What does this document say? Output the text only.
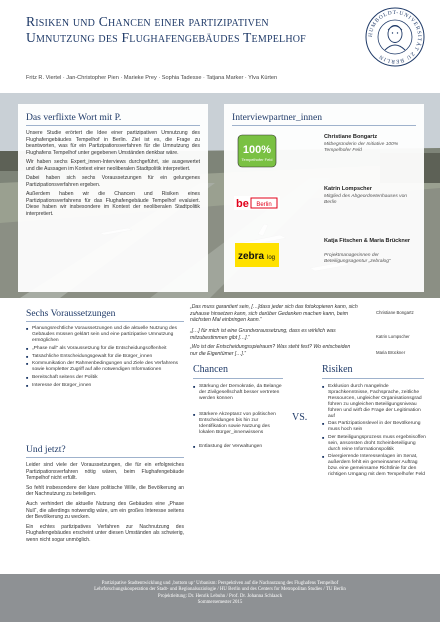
Risiken und Chancen einer partizipativen
Umnutzung des Flughafengebäudes Tempelhof
Fritz R. Viertel · Jan-Christopher Pien · Marieke Prey · Sophia Tadesse · Tatjana Marker · Ylva Kürten
HUMBOLDT-UNIVERSITÄT ZU BERLIN
Das verflixte Wort mit P.

Unsere Studie erörtert die Idee einer partizipativen Umnutzung des Flughafengebäudes Tempelhof in Berlin. Ziel ist es, die Frage zu beantworten, was für ein Partizipationsverfahren für die Umnutzung des Flughafens Tempelhof unter gegebenen Umständen denkbar wäre.

Wir haben sechs Expert_innen-Interviews durchgeführt, sie ausgewertet und die Aussagen im Kontext einer neoliberalen Stadtpolitik interpretiert.

Dabei haben sich sechs Voraussetzungen für ein gelungenes Partizipationsverfahren ergeben.

Außerdem haben wir die Chancen und Risiken eines Partizipationsverfahrens für das Flughafengebäude Tempelhof evaluiert. Diese haben wir insbesondere im Kontext der neoliberalen Stadtpolitik interpretiert.

Interviewpartner_innen
100%
Tempelhofer Feld
Christiane Bongartz
Mitbegründerin der Initiative 100% Tempelhofer Feld
be Berlin
Katrin Lompscher
Mitglied des Abgeordnetenhauses von Berlin
zebra log
Katja Fitschen & Maria Brückner
Projektmanagerinnen der Beteiligungsagentur „zebralog“
Sechs Voraussetzungen
■ Planungsrechtliche Voraussetzungen und die aktuelle Nutzung des Gebäudes müssen geklärt sein und eine partizipative Umnutzung ermöglichen
■ „Phase null“ als Voraussetzung für die Entscheidungsoffenheit
■ Tatsächliche Entscheidungsgewalt für die Bürger_innen
■ Kommunikation der Rahmenbedingungen und Ziele des Verfahrens sowie kompletter Zugriff auf alle notwendigen Informationen
■ Bereitschaft seitens der Politik
■ Interesse der Bürger_innen
Und jetzt?

Leider sind viele der Voraussetzungen, die für ein erfolgreiches Partizipationsverfahren nötig wären, beim Flughafengebäude Tempelhof nicht erfüllt.

So fehlt insbesondere der klare politische Wille, die Bevölkerung an der Nachnutzung zu beteiligen.

Auch verhindert die aktuelle Nutzung des Gebäudes eine „Phase Null“, die allerdings notwendig wäre, um ein großes Interesse seitens der Bevölkerung zu wecken.

Ein echtes partizipatives Verfahren zur Nachnutzung des Flughafengebäudes erscheint unter diesen Umständen als schwierig, wenn nicht sogar unmöglich.

„Das muss garantiert sein, […]dass jeder sich das fotokopieren kann, sich zuhause hinsetzen kann, sich darüber Gedanken machen kann, beim nächsten Mal einbringen kann.“
Christiane Bongartz
„[…] für mich ist eine Grundvoraussetzung, dass es wirklich was mitzubestimmen gibt […].“	Katrin Lompscher
„Wo ist der Entscheidungsspielraum? Was steht fest? Wo entscheiden nur die Eigentümer […].“	Maria Brückner
Chancen
■ Stärkung der Demokratie, da Belange der Zivilgesellschaft besser vertreten werden können
■ Stärkere Akzeptanz von politischen Entscheidungen bis hin zur Identifikation sowie Nutzung des lokalen Bürger_innenwissens
■ Entlastung der Verwaltungen
VS.
Risiken
■ Exklusion durch mangelnde Sprachkenntnisse, Fachsprache, zeitliche Ressourcen, ungleicher Organisationsgrad führen zu ungleichen Beteiligungsniveau führen und wirft die Frage der Legitimation auf
■ Das Partizipationslevel in der Bevölkerung muss hoch sein
■ Der Beteiligungsprozess muss ergebnisoffen sein, ansonsten droht Scheinbeteiligung durch reine Informationspolitik
■ Divergierende Interessenlagen im Senat, außerdem fehlt ein gemeinsamer Auftrag bzw. eine gemeinsame Richtlinie für den richtigen Umgang mit dem Tempelhofer Feld
Partizipative Stadtentwicklung und ‚bottom up‘ Urbanism: Perspektiven auf die Nachnutzung des Flughafens Tempelhof
Lehrforschungskooperation der Stadt- und Regionalsoziologie / HU Berlin und des Centers for Metropolitan Studies / TU Berlin
Projektleitung: Dr. Henrik Lebuhn / Prof. Dr. Johanna Schlaack
Sommersemester 2015
